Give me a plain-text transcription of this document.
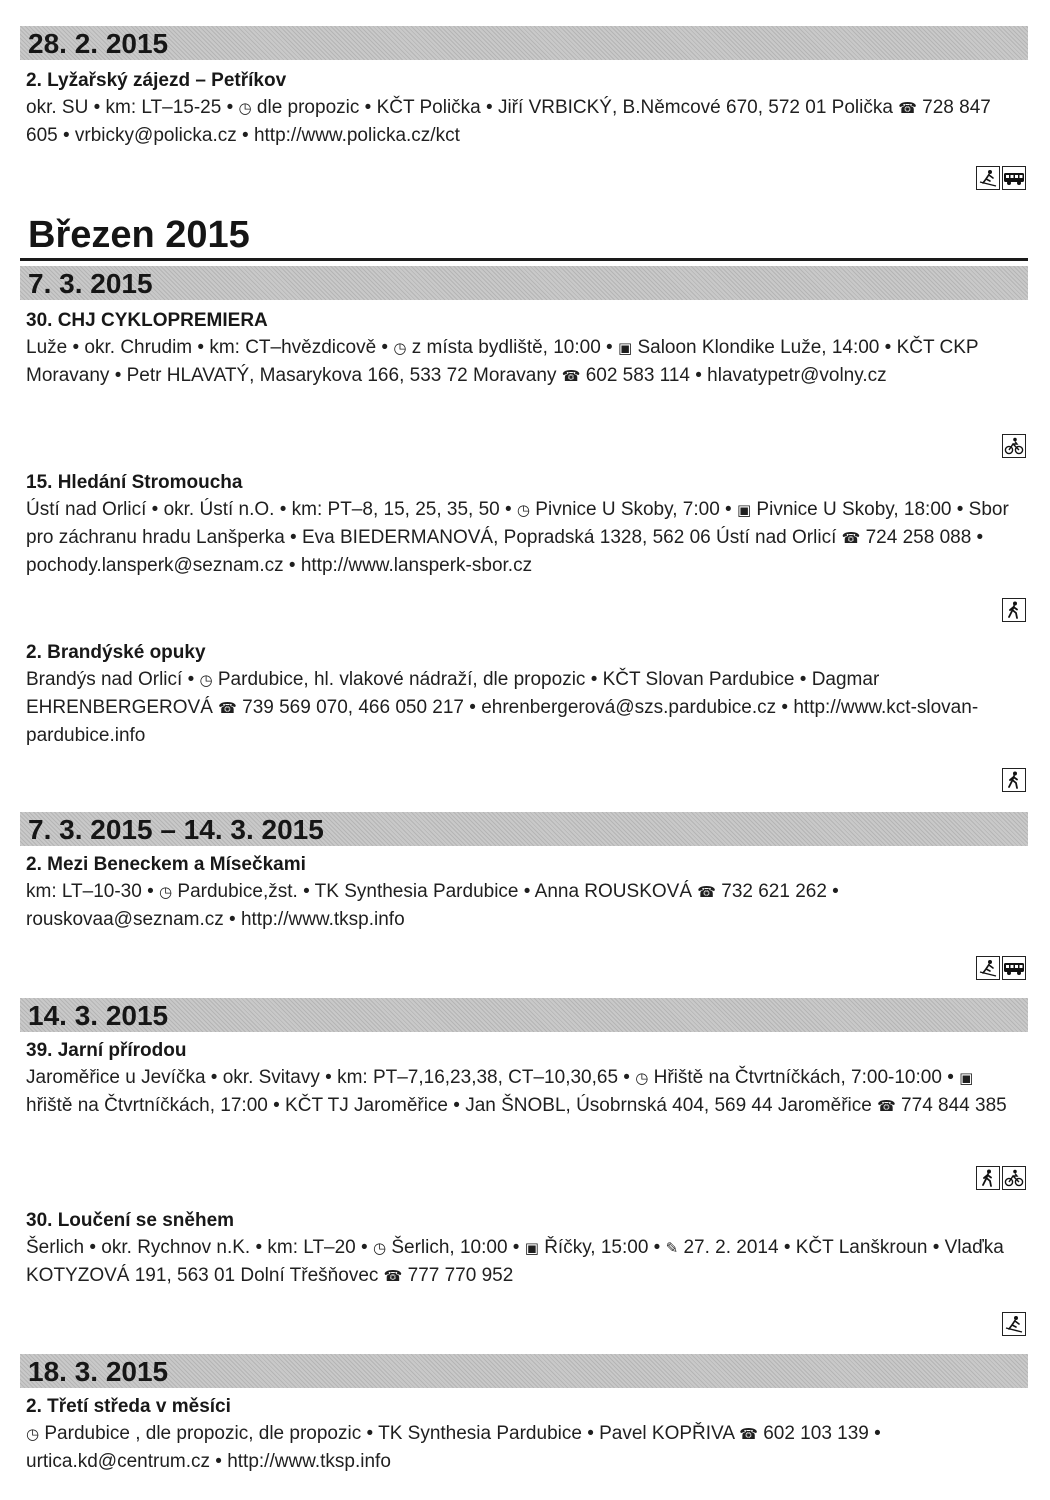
28. 2. 2015
2. Lyžařský zájezd – Petříkov
okr. SU • km: LT–15-25 • ◷ dle propozic • KČT Polička • Jiří VRBICKÝ, B.Němcové 670, 572 01 Polička ☎ 728 847 605 • vrbicky@policka.cz • http://www.policka.cz/kct
Březen 2015
7. 3. 2015
30. CHJ CYKLOPREMIERA
Luže • okr. Chrudim • km: CT–hvězdicově • ◷ z místa bydliště, 10:00 • ▣ Saloon Klondike Luže, 14:00 • KČT CKP Moravany • Petr HLAVATÝ, Masarykova 166, 533 72 Moravany ☎ 602 583 114 • hlavatypetr@volny.cz
15. Hledání Stromoucha
Ústí nad Orlicí • okr. Ústí n.O. • km: PT–8, 15, 25, 35, 50 • ◷ Pivnice U Skoby, 7:00 • ▣ Pivnice U Skoby, 18:00 • Sbor pro záchranu hradu Lanšperka • Eva BIEDERMANOVÁ, Popradská 1328, 562 06 Ústí nad Orlicí ☎ 724 258 088 • pochody.lansperk@seznam.cz • http://www.lansperk-sbor.cz
2. Brandýské opuky
Brandýs nad Orlicí • ◷ Pardubice, hl. vlakové nádraží, dle propozic • KČT Slovan Pardubice • Dagmar EHRENBERGEROVÁ ☎ 739 569 070, 466 050 217 • ehrenbergerová@szs.pardubice.cz • http://www.kct-slovan-pardubice.info
7. 3. 2015 – 14. 3. 2015
2. Mezi Beneckem a Mísečkami
km: LT–10-30 • ◷ Pardubice,žst. • TK Synthesia Pardubice • Anna ROUSKOVÁ ☎ 732 621 262 • rouskovaa@seznam.cz • http://www.tksp.info
14. 3. 2015
39. Jarní přírodou
Jaroměřice u Jevíčka • okr. Svitavy • km: PT–7,16,23,38, CT–10,30,65 • ◷ Hřiště na Čtvrtníčkách, 7:00-10:00 • ▣ hřiště na Čtvrtníčkách, 17:00 • KČT TJ Jaroměřice • Jan ŠNOBL, Úsobrnská 404, 569 44 Jaroměřice ☎ 774 844 385
30. Loučení se sněhem
Šerlich • okr. Rychnov n.K. • km: LT–20 • ◷ Šerlich, 10:00 • ▣ Říčky, 15:00 • ✎ 27. 2. 2014 • KČT Lanškroun • Vlaďka KOTYZOVÁ 191, 563 01 Dolní Třešňovec ☎ 777 770 952
18. 3. 2015
2. Třetí středa v měsíci
◷ Pardubice , dle propozic, dle propozic • TK Synthesia Pardubice • Pavel KOPŘIVA ☎ 602 103 139 • urtica.kd@centrum.cz • http://www.tksp.info
